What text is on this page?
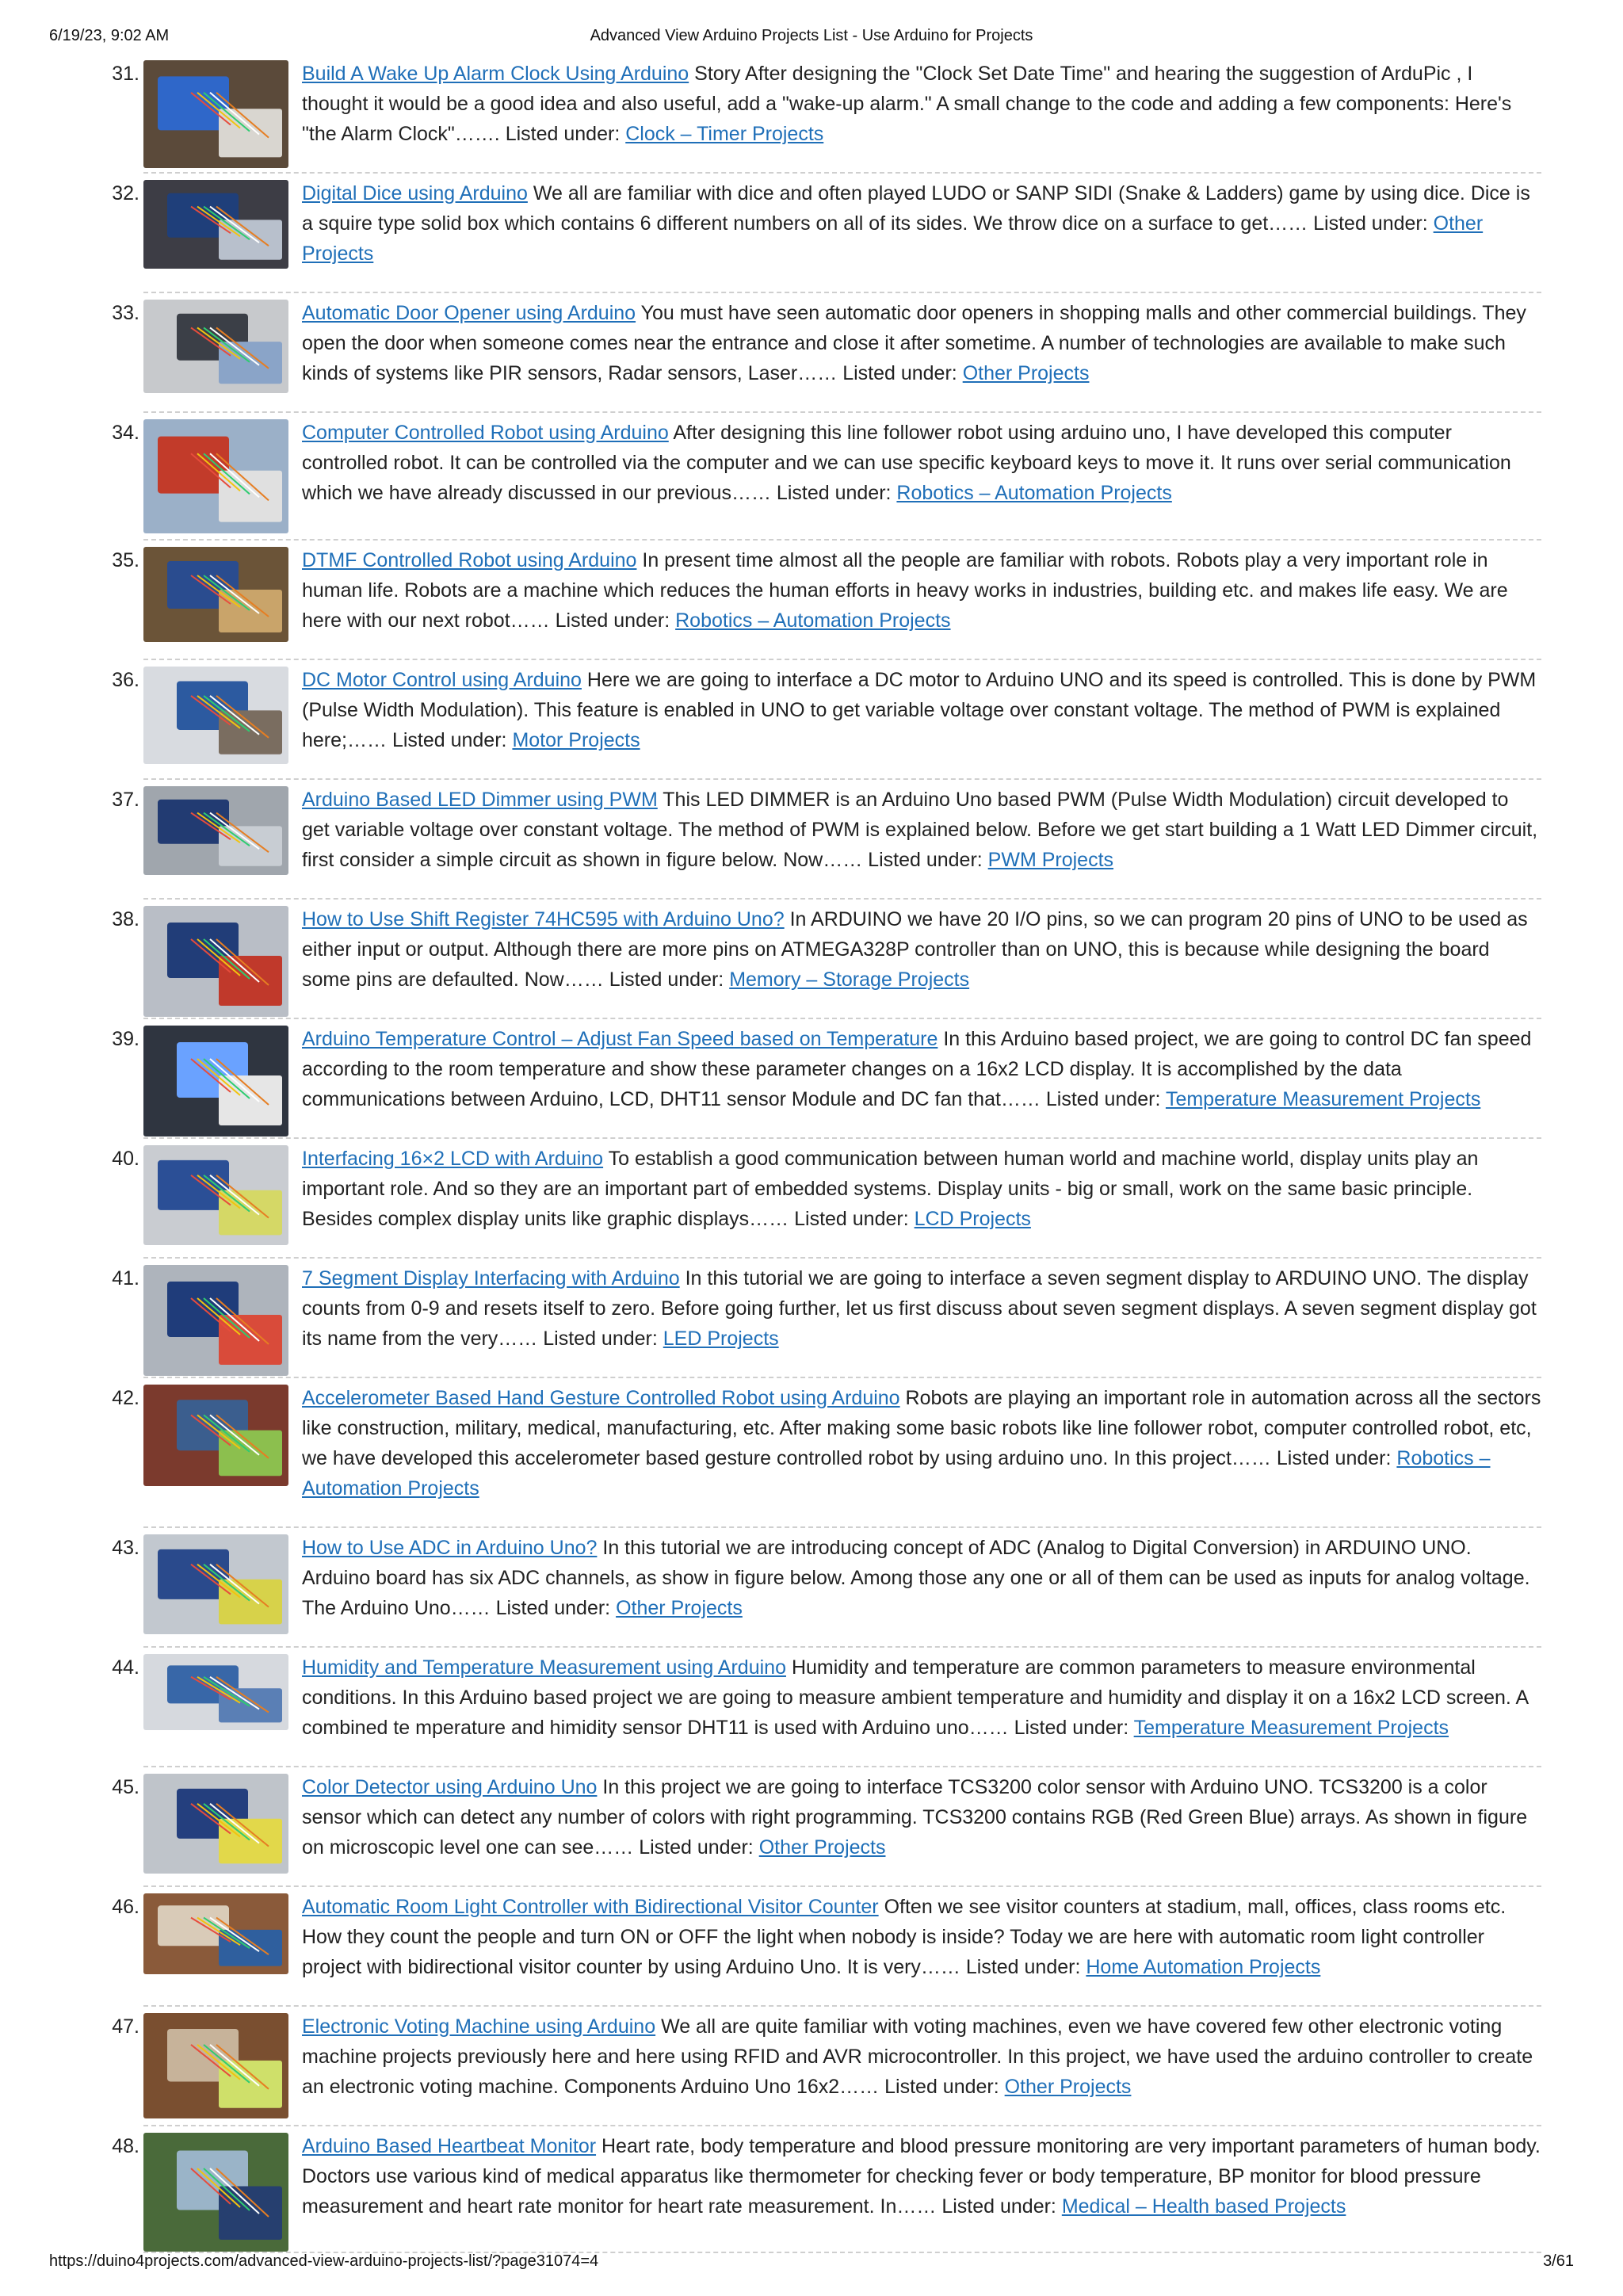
6/19/23, 9:02 AM	Advanced View Arduino Projects List - Use Arduino for Projects
31.	Build A Wake Up Alarm Clock Using Arduino Story After designing the "Clock Set Date Time" and hearing the suggestion of ArduPic , I thought it would be a good idea and also useful, add a "wake-up alarm." A small change to the code and adding a few components: Here's "the Alarm Clock"……. Listed under: Clock – Timer Projects
32.	Digital Dice using Arduino We all are familiar with dice and often played LUDO or SANP SIDI (Snake & Ladders) game by using dice. Dice is a squire type solid box which contains 6 different numbers on all of its sides. We throw dice on a surface to get…… Listed under: Other Projects
33.	Automatic Door Opener using Arduino You must have seen automatic door openers in shopping malls and other commercial buildings. They open the door when someone comes near the entrance and close it after sometime. A number of technologies are available to make such kinds of systems like PIR sensors, Radar sensors, Laser…… Listed under: Other Projects
34.	Computer Controlled Robot using Arduino After designing this line follower robot using arduino uno, I have developed this computer controlled robot. It can be controlled via the computer and we can use specific keyboard keys to move it. It runs over serial communication which we have already discussed in our previous…… Listed under: Robotics – Automation Projects
35.	DTMF Controlled Robot using Arduino In present time almost all the people are familiar with robots. Robots play a very important role in human life. Robots are a machine which reduces the human efforts in heavy works in industries, building etc. and makes life easy. We are here with our next robot…… Listed under: Robotics – Automation Projects
36.	DC Motor Control using Arduino Here we are going to interface a DC motor to Arduino UNO and its speed is controlled. This is done by PWM (Pulse Width Modulation). This feature is enabled in UNO to get variable voltage over constant voltage. The method of PWM is explained here;…… Listed under: Motor Projects
37.	Arduino Based LED Dimmer using PWM This LED DIMMER is an Arduino Uno based PWM (Pulse Width Modulation) circuit developed to get variable voltage over constant voltage. The method of PWM is explained below. Before we get start building a 1 Watt LED Dimmer circuit, first consider a simple circuit as shown in figure below. Now…… Listed under: PWM Projects
38.	How to Use Shift Register 74HC595 with Arduino Uno? In ARDUINO we have 20 I/O pins, so we can program 20 pins of UNO to be used as either input or output. Although there are more pins on ATMEGA328P controller than on UNO, this is because while designing the board some pins are defaulted. Now…… Listed under: Memory – Storage Projects
39.	Arduino Temperature Control – Adjust Fan Speed based on Temperature In this Arduino based project, we are going to control DC fan speed according to the room temperature and show these parameter changes on a 16x2 LCD display. It is accomplished by the data communications between Arduino, LCD, DHT11 sensor Module and DC fan that…… Listed under: Temperature Measurement Projects
40.	Interfacing 16×2 LCD with Arduino To establish a good communication between human world and machine world, display units play an important role. And so they are an important part of embedded systems. Display units - big or small, work on the same basic principle. Besides complex display units like graphic displays…… Listed under: LCD Projects
41.	7 Segment Display Interfacing with Arduino In this tutorial we are going to interface a seven segment display to ARDUINO UNO. The display counts from 0-9 and resets itself to zero. Before going further, let us first discuss about seven segment displays. A seven segment display got its name from the very…… Listed under: LED Projects
42.	Accelerometer Based Hand Gesture Controlled Robot using Arduino Robots are playing an important role in automation across all the sectors like construction, military, medical, manufacturing, etc. After making some basic robots like line follower robot, computer controlled robot, etc, we have developed this accelerometer based gesture controlled robot by using arduino uno. In this project…… Listed under: Robotics – Automation Projects
43.	How to Use ADC in Arduino Uno? In this tutorial we are introducing concept of ADC (Analog to Digital Conversion) in ARDUINO UNO. Arduino board has six ADC channels, as show in figure below. Among those any one or all of them can be used as inputs for analog voltage. The Arduino Uno…… Listed under: Other Projects
44.	Humidity and Temperature Measurement using Arduino Humidity and temperature are common parameters to measure environmental conditions. In this Arduino based project we are going to measure ambient temperature and humidity and display it on a 16x2 LCD screen. A combined te mperature and himidity sensor DHT11 is used with Arduino uno…… Listed under: Temperature Measurement Projects
45.	Color Detector using Arduino Uno In this project we are going to interface TCS3200 color sensor with Arduino UNO. TCS3200 is a color sensor which can detect any number of colors with right programming. TCS3200 contains RGB (Red Green Blue) arrays. As shown in figure on microscopic level one can see…… Listed under: Other Projects
46.	Automatic Room Light Controller with Bidirectional Visitor Counter Often we see visitor counters at stadium, mall, offices, class rooms etc. How they count the people and turn ON or OFF the light when nobody is inside? Today we are here with automatic room light controller project with bidirectional visitor counter by using Arduino Uno. It is very…… Listed under: Home Automation Projects
47.	Electronic Voting Machine using Arduino We all are quite familiar with voting machines, even we have covered few other electronic voting machine projects previously here and here using RFID and AVR microcontroller. In this project, we have used the arduino controller to create an electronic voting machine. Components Arduino Uno 16x2…… Listed under: Other Projects
48.	Arduino Based Heartbeat Monitor Heart rate, body temperature and blood pressure monitoring are very important parameters of human body. Doctors use various kind of medical apparatus like thermometer for checking fever or body temperature, BP monitor for blood pressure measurement and heart rate monitor for heart rate measurement. In…… Listed under: Medical – Health based Projects
https://duino4projects.com/advanced-view-arduino-projects-list/?page31074=4	3/61
